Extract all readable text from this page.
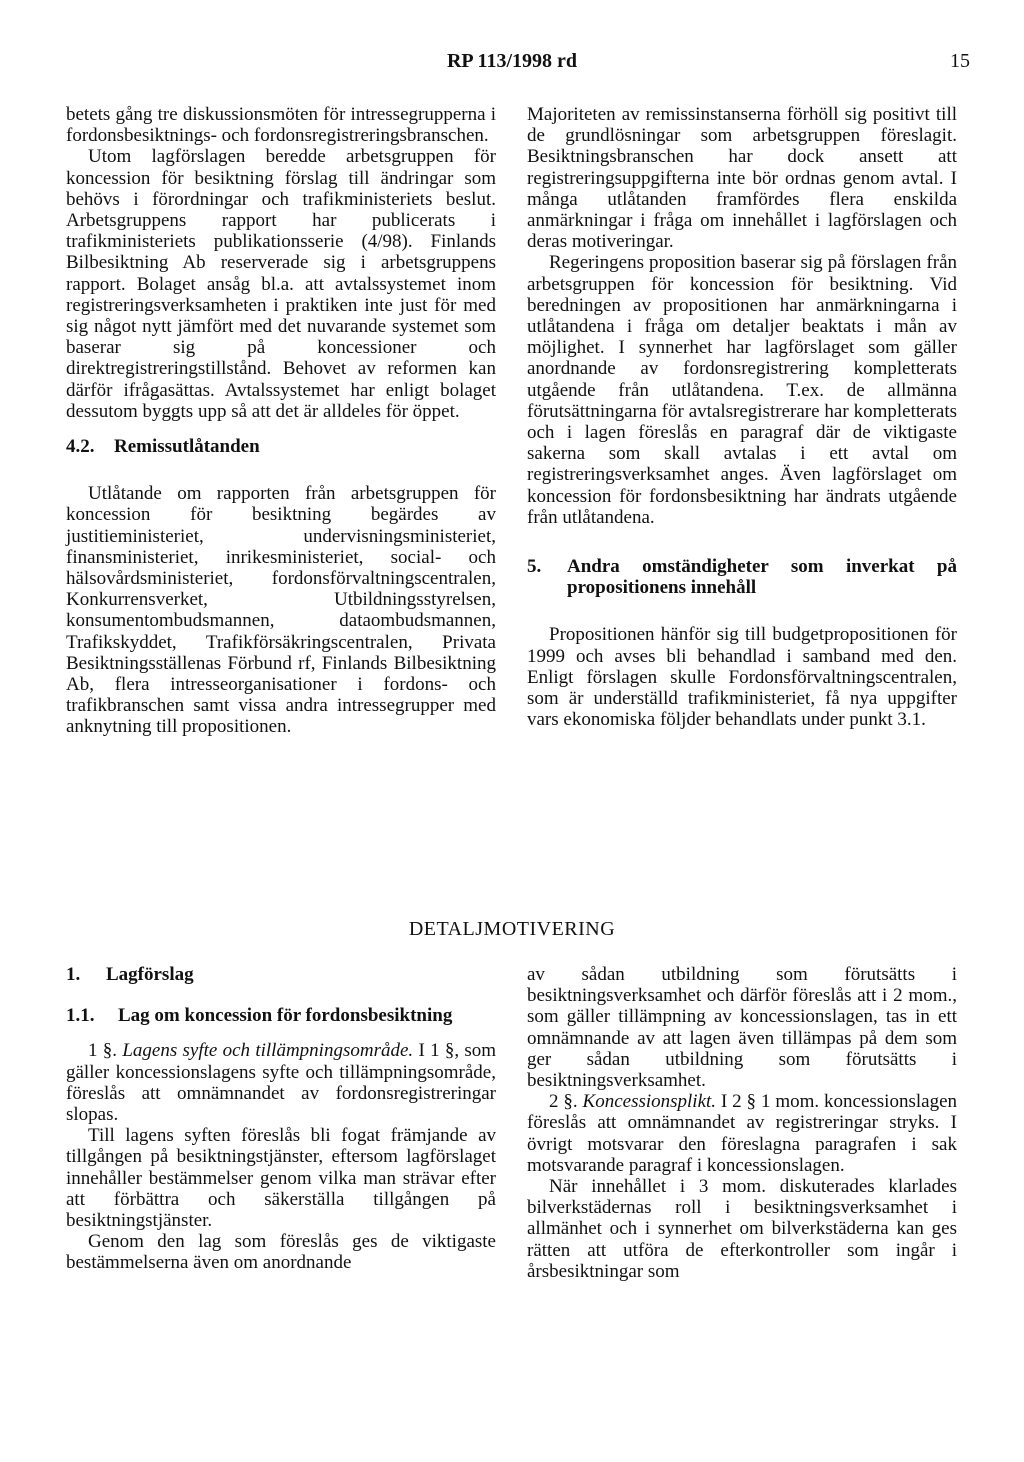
RP 113/1998 rd	15

betets gång tre diskussionsmöten för intressegrupperna i fordonsbesiktnings- och fordonsregistreringsbranschen.

Utom lagförslagen beredde arbetsgruppen för koncession för besiktning förslag till ändringar som behövs i förordningar och trafikministeriets beslut. Arbetsgruppens rapport har publicerats i trafikministeriets publikationsserie (4/98). Finlands Bilbesiktning Ab reserverade sig i arbetsgruppens rapport. Bolaget ansåg bl.a. att avtalssystemet inom registreringsverksamheten i praktiken inte just för med sig något nytt jämfört med det nuvarande systemet som baserar sig på koncessioner och direktregistreringstillstånd. Behovet av reformen kan därför ifrågasättas. Avtalssystemet har enligt bolaget dessutom byggts upp så att det är alldeles för öppet.

4.2.	Remissutlåtanden

Utlåtande om rapporten från arbetsgruppen för koncession för besiktning begärdes av justitieministeriet, undervisningsministeriet, finansministeriet, inrikesministeriet, social- och hälsovårdsministeriet, fordonsförvaltningscentralen, Konkurrensverket, Utbildningsstyrelsen, konsumentombudsmannen, dataombudsmannen, Trafikskyddet, Trafikförsäkringscentralen, Privata Besiktningsställenas Förbund rf, Finlands Bilbesiktning Ab, flera intresseorganisationer i fordons- och trafikbranschen samt vissa andra intressegrupper med anknytning till propositionen.

Majoriteten av remissinstanserna förhöll sig positivt till de grundlösningar som arbetsgruppen föreslagit. Besiktningsbranschen har dock ansett att registreringsuppgifterna inte bör ordnas genom avtal. I många utlåtanden framfördes flera enskilda anmärkningar i fråga om innehållet i lagförslagen och deras motiveringar.

Regeringens proposition baserar sig på förslagen från arbetsgruppen för koncession för besiktning. Vid beredningen av propositionen har anmärkningarna i utlåtandena i fråga om detaljer beaktats i mån av möjlighet. I synnerhet har lagförslaget som gäller anordnande av fordonsregistrering kompletterats utgående från utlåtandena. T.ex. de allmänna förutsättningarna för avtalsregistrerare har kompletterats och i lagen föreslås en paragraf där de viktigaste sakerna som skall avtalas i ett avtal om registreringsverksamhet anges. Även lagförslaget om koncession för fordonsbesiktning har ändrats utgående från utlåtandena.

5.	Andra omständigheter som inverkat på propositionens innehåll

Propositionen hänför sig till budgetpropositionen för 1999 och avses bli behandlad i samband med den. Enligt förslagen skulle Fordonsförvaltningscentralen, som är underställd trafikministeriet, få nya uppgifter vars ekonomiska följder behandlats under punkt 3.1.

DETALJMOTIVERING
1.	Lagförslag
1.1.	Lag om koncession för fordonsbesiktning

1 §. Lagens syfte och tillämpningsområde. I 1 §, som gäller koncessionslagens syfte och tillämpningsområde, föreslås att omnämnandet av fordonsregistreringar slopas.

Till lagens syften föreslås bli fogat främjande av tillgången på besiktningstjänster, eftersom lagförslaget innehåller bestämmelser genom vilka man strävar efter att förbättra och säkerställa tillgången på besiktningstjänster.

Genom den lag som föreslås ges de viktigaste bestämmelserna även om anordnande

av sådan utbildning som förutsätts i besiktningsverksamhet och därför föreslås att i 2 mom., som gäller tillämpning av koncessionslagen, tas in ett omnämnande av att lagen även tillämpas på dem som ger sådan utbildning som förutsätts i besiktningsverksamhet.

2 §. Koncessionsplikt. I 2 § 1 mom. koncessionslagen föreslås att omnämnandet av registreringar stryks. I övrigt motsvarar den föreslagna paragrafen i sak motsvarande paragraf i koncessionslagen.

När innehållet i 3 mom. diskuterades klarlades bilverkstädernas roll i besiktningsverksamhet i allmänhet och i synnerhet om bilverkstäderna kan ges rätten att utföra de efterkontroller som ingår i årsbesiktningar som
